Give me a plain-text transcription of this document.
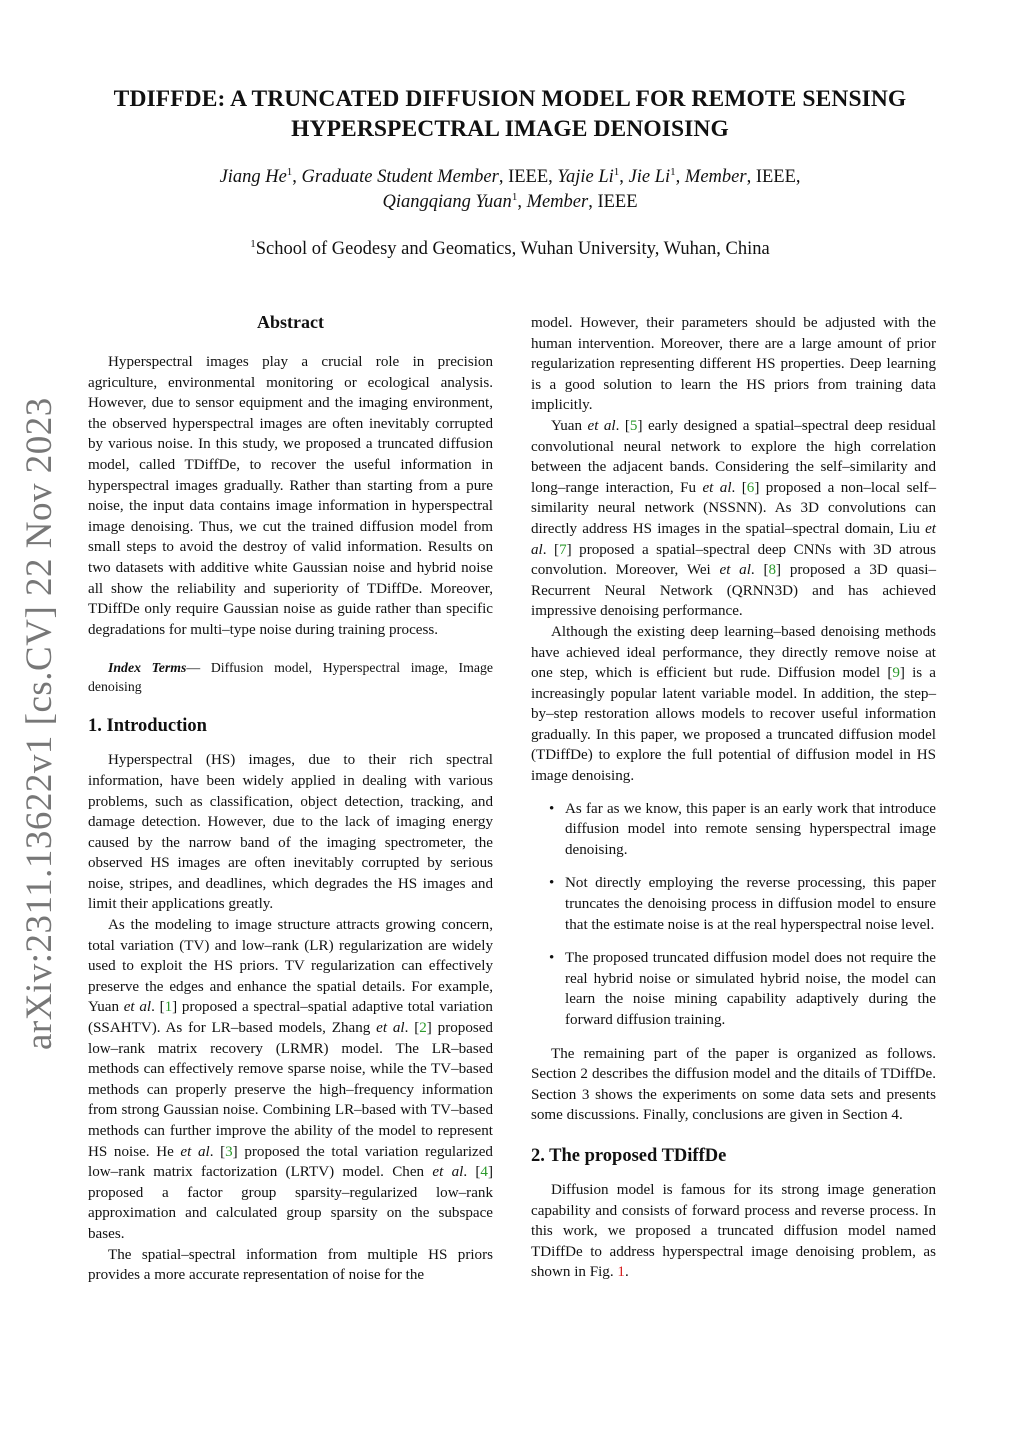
arXiv:2311.13622v1 [cs.CV] 22 Nov 2023
TDIFFDE: A TRUNCATED DIFFUSION MODEL FOR REMOTE SENSING
HYPERSPECTRAL IMAGE DENOISING
Jiang He$^1$, Graduate Student Member, IEEE, Yajie Li$^1$, Jie Li$^1$, Member, IEEE,
Qiangqiang Yuan$^1$, Member, IEEE
$^1$School of Geodesy and Geomatics, Wuhan University, Wuhan, China
Abstract

Hyperspectral images play a crucial role in precision agriculture, environmental monitoring or ecological analysis. However, due to sensor equipment and the imaging environment, the observed hyperspectral images are often inevitably corrupted by various noise. In this study, we proposed a truncated diffusion model, called TDiffDe, to recover the useful information in hyperspectral images gradually. Rather than starting from a pure noise, the input data contains image information in hyperspectral image denoising. Thus, we cut the trained diffusion model from small steps to avoid the destroy of valid information. Results on two datasets with additive white Gaussian noise and hybrid noise all show the reliability and superiority of TDiffDe. Moreover, TDiffDe only require Gaussian noise as guide rather than specific degradations for multi–type noise during training process.

Index Terms— Diffusion model, Hyperspectral image, Image denoising

1. Introduction

Hyperspectral (HS) images, due to their rich spectral information, have been widely applied in dealing with various problems, such as classification, object detection, tracking, and damage detection. However, due to the lack of imaging energy caused by the narrow band of the imaging spectrometer, the observed HS images are often inevitably corrupted by serious noise, stripes, and deadlines, which degrades the HS images and limit their applications greatly.

As the modeling to image structure attracts growing concern, total variation (TV) and low–rank (LR) regularization are widely used to exploit the HS priors. TV regularization can effectively preserve the edges and enhance the spatial details. For example, Yuan et al. [1] proposed a spectral–spatial adaptive total variation (SSAHTV). As for LR–based models, Zhang et al. [2] proposed low–rank matrix recovery (LRMR) model. The LR–based methods can effectively remove sparse noise, while the TV–based methods can properly preserve the high–frequency information from strong Gaussian noise. Combining LR–based with TV–based methods can further improve the ability of the model to represent HS noise. He et al. [3] proposed the total variation regularized low–rank matrix factorization (LRTV) model. Chen et al. [4] proposed a factor group sparsity–regularized low–rank approximation and calculated group sparsity on the subspace bases.

The spatial–spectral information from multiple HS priors provides a more accurate representation of noise for the

model. However, their parameters should be adjusted with the human intervention. Moreover, there are a large amount of prior regularization representing different HS properties. Deep learning is a good solution to learn the HS priors from training data implicitly.

Yuan et al. [5] early designed a spatial–spectral deep residual convolutional neural network to explore the high correlation between the adjacent bands. Considering the self–similarity and long–range interaction, Fu et al. [6] proposed a non–local self–similarity neural network (NSSNN). As 3D convolutions can directly address HS images in the spatial–spectral domain, Liu et al. [7] proposed a spatial–spectral deep CNNs with 3D atrous convolution. Moreover, Wei et al. [8] proposed a 3D quasi–Recurrent Neural Network (QRNN3D) and has achieved impressive denoising performance.

Although the existing deep learning–based denoising methods have achieved ideal performance, they directly remove noise at one step, which is efficient but rude. Diffusion model [9] is a increasingly popular latent variable model. In addition, the step–by–step restoration allows models to recover useful information gradually. In this paper, we proposed a truncated diffusion model (TDiffDe) to explore the full potential of diffusion model in HS image denoising.

• As far as we know, this paper is an early work that introduce diffusion model into remote sensing hyperspectral image denoising.
• Not directly employing the reverse processing, this paper truncates the denoising process in diffusion model to ensure that the estimate noise is at the real hyperspectral noise level.
• The proposed truncated diffusion model does not require the real hybrid noise or simulated hybrid noise, the model can learn the noise mining capability adaptively during the forward diffusion training.

The remaining part of the paper is organized as follows. Section 2 describes the diffusion model and the ditails of TDiffDe. Section 3 shows the experiments on some data sets and presents some discussions. Finally, conclusions are given in Section 4.

2. The proposed TDiffDe

Diffusion model is famous for its strong image generation capability and consists of forward process and reverse process. In this work, we proposed a truncated diffusion model named TDiffDe to address hyperspectral image denoising problem, as shown in Fig. 1.
